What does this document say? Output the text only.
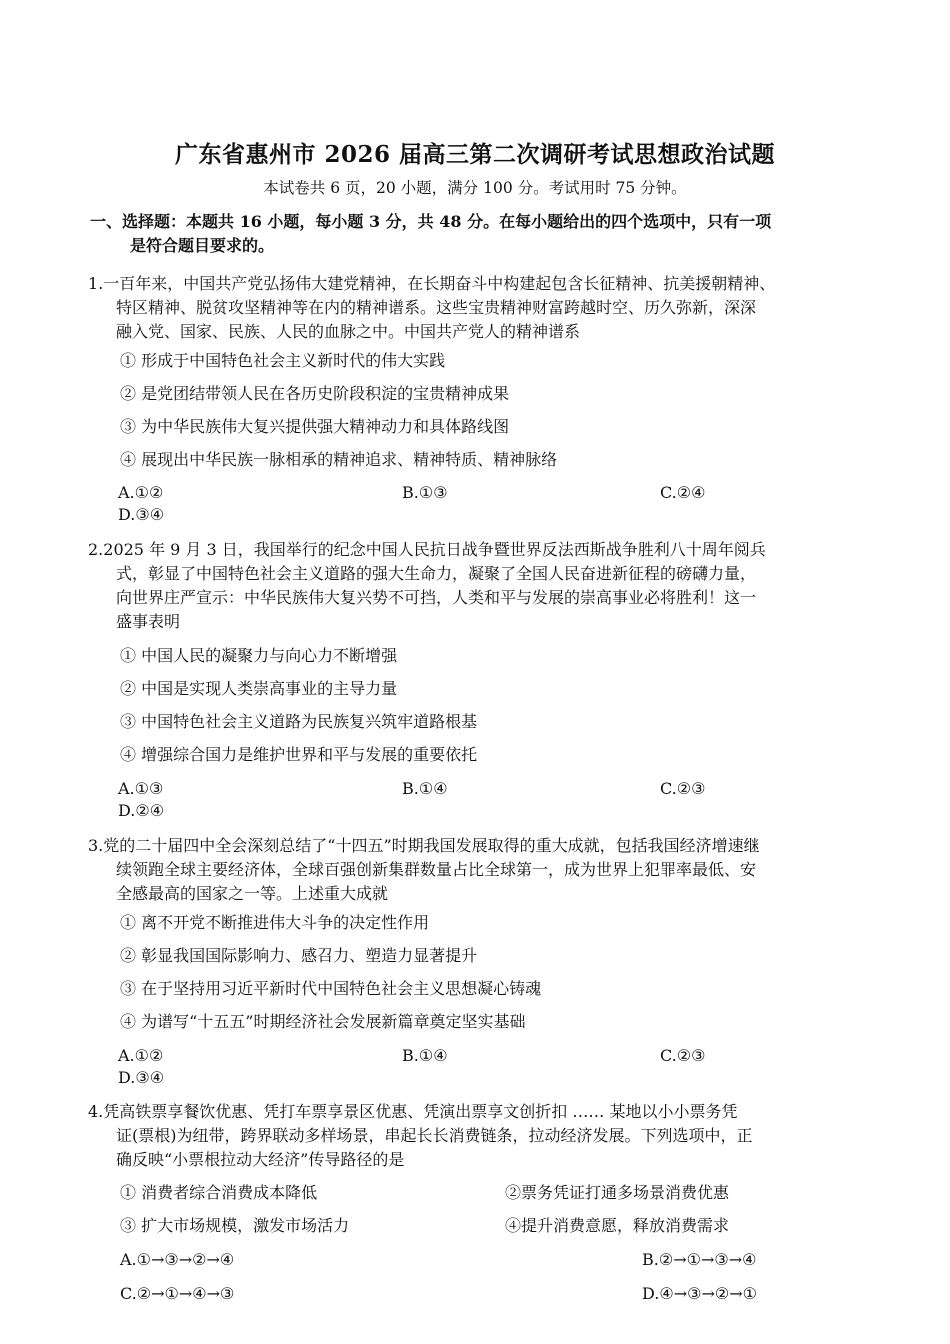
广东省惠州市 2026 届高三第二次调研考试思想政治试题
本试卷共 6 页，20 小题，满分 100 分。考试用时 75 分钟。
一、选择题：本题共 16 小题，每小题 3 分，共 48 分。在每小题给出的四个选项中，只有一项
是符合题目要求的。
1.一百年来，中国共产党弘扬伟大建党精神，在长期奋斗中构建起包含长征精神、抗美援朝精神、
特区精神、脱贫攻坚精神等在内的精神谱系。这些宝贵精神财富跨越时空、历久弥新，深深
融入党、国家、民族、人民的血脉之中。中国共产党人的精神谱系
① 形成于中国特色社会主义新时代的伟大实践
② 是党团结带领人民在各历史阶段积淀的宝贵精神成果
③ 为中华民族伟大复兴提供强大精神动力和具体路线图
④ 展现出中华民族一脉相承的精神追求、精神特质、精神脉络
A.①②	B.①③	C.②④
D.③④
2.2025 年 9 月 3 日，我国举行的纪念中国人民抗日战争暨世界反法西斯战争胜利八十周年阅兵
式，彰显了中国特色社会主义道路的强大生命力，凝聚了全国人民奋进新征程的磅礴力量，
向世界庄严宣示：中华民族伟大复兴势不可挡，人类和平与发展的崇高事业必将胜利！这一
盛事表明
① 中国人民的凝聚力与向心力不断增强
② 中国是实现人类崇高事业的主导力量
③ 中国特色社会主义道路为民族复兴筑牢道路根基
④ 增强综合国力是维护世界和平与发展的重要依托
A.①③	B.①④	C.②③
D.②④
3.党的二十届四中全会深刻总结了“十四五”时期我国发展取得的重大成就，包括我国经济增速继
续领跑全球主要经济体，全球百强创新集群数量占比全球第一，成为世界上犯罪率最低、安
全感最高的国家之一等。上述重大成就
① 离不开党不断推进伟大斗争的决定性作用
② 彰显我国国际影响力、感召力、塑造力显著提升
③ 在于坚持用习近平新时代中国特色社会主义思想凝心铸魂
④ 为谱写“十五五”时期经济社会发展新篇章奠定坚实基础
A.①②	B.①④	C.②③
D.③④
4.凭高铁票享餐饮优惠、凭打车票享景区优惠、凭演出票享文创折扣 …… 某地以小小票务凭
证(票根)为纽带，跨界联动多样场景，串起长长消费链条，拉动经济发展。下列选项中，正
确反映“小票根拉动大经济”传导路径的是
① 消费者综合消费成本降低	②票务凭证打通多场景消费优惠
③ 扩大市场规模，激发市场活力	④提升消费意愿，释放消费需求
A.①→③→②→④	B.②→①→③→④
C.②→①→④→③	D.④→③→②→①
